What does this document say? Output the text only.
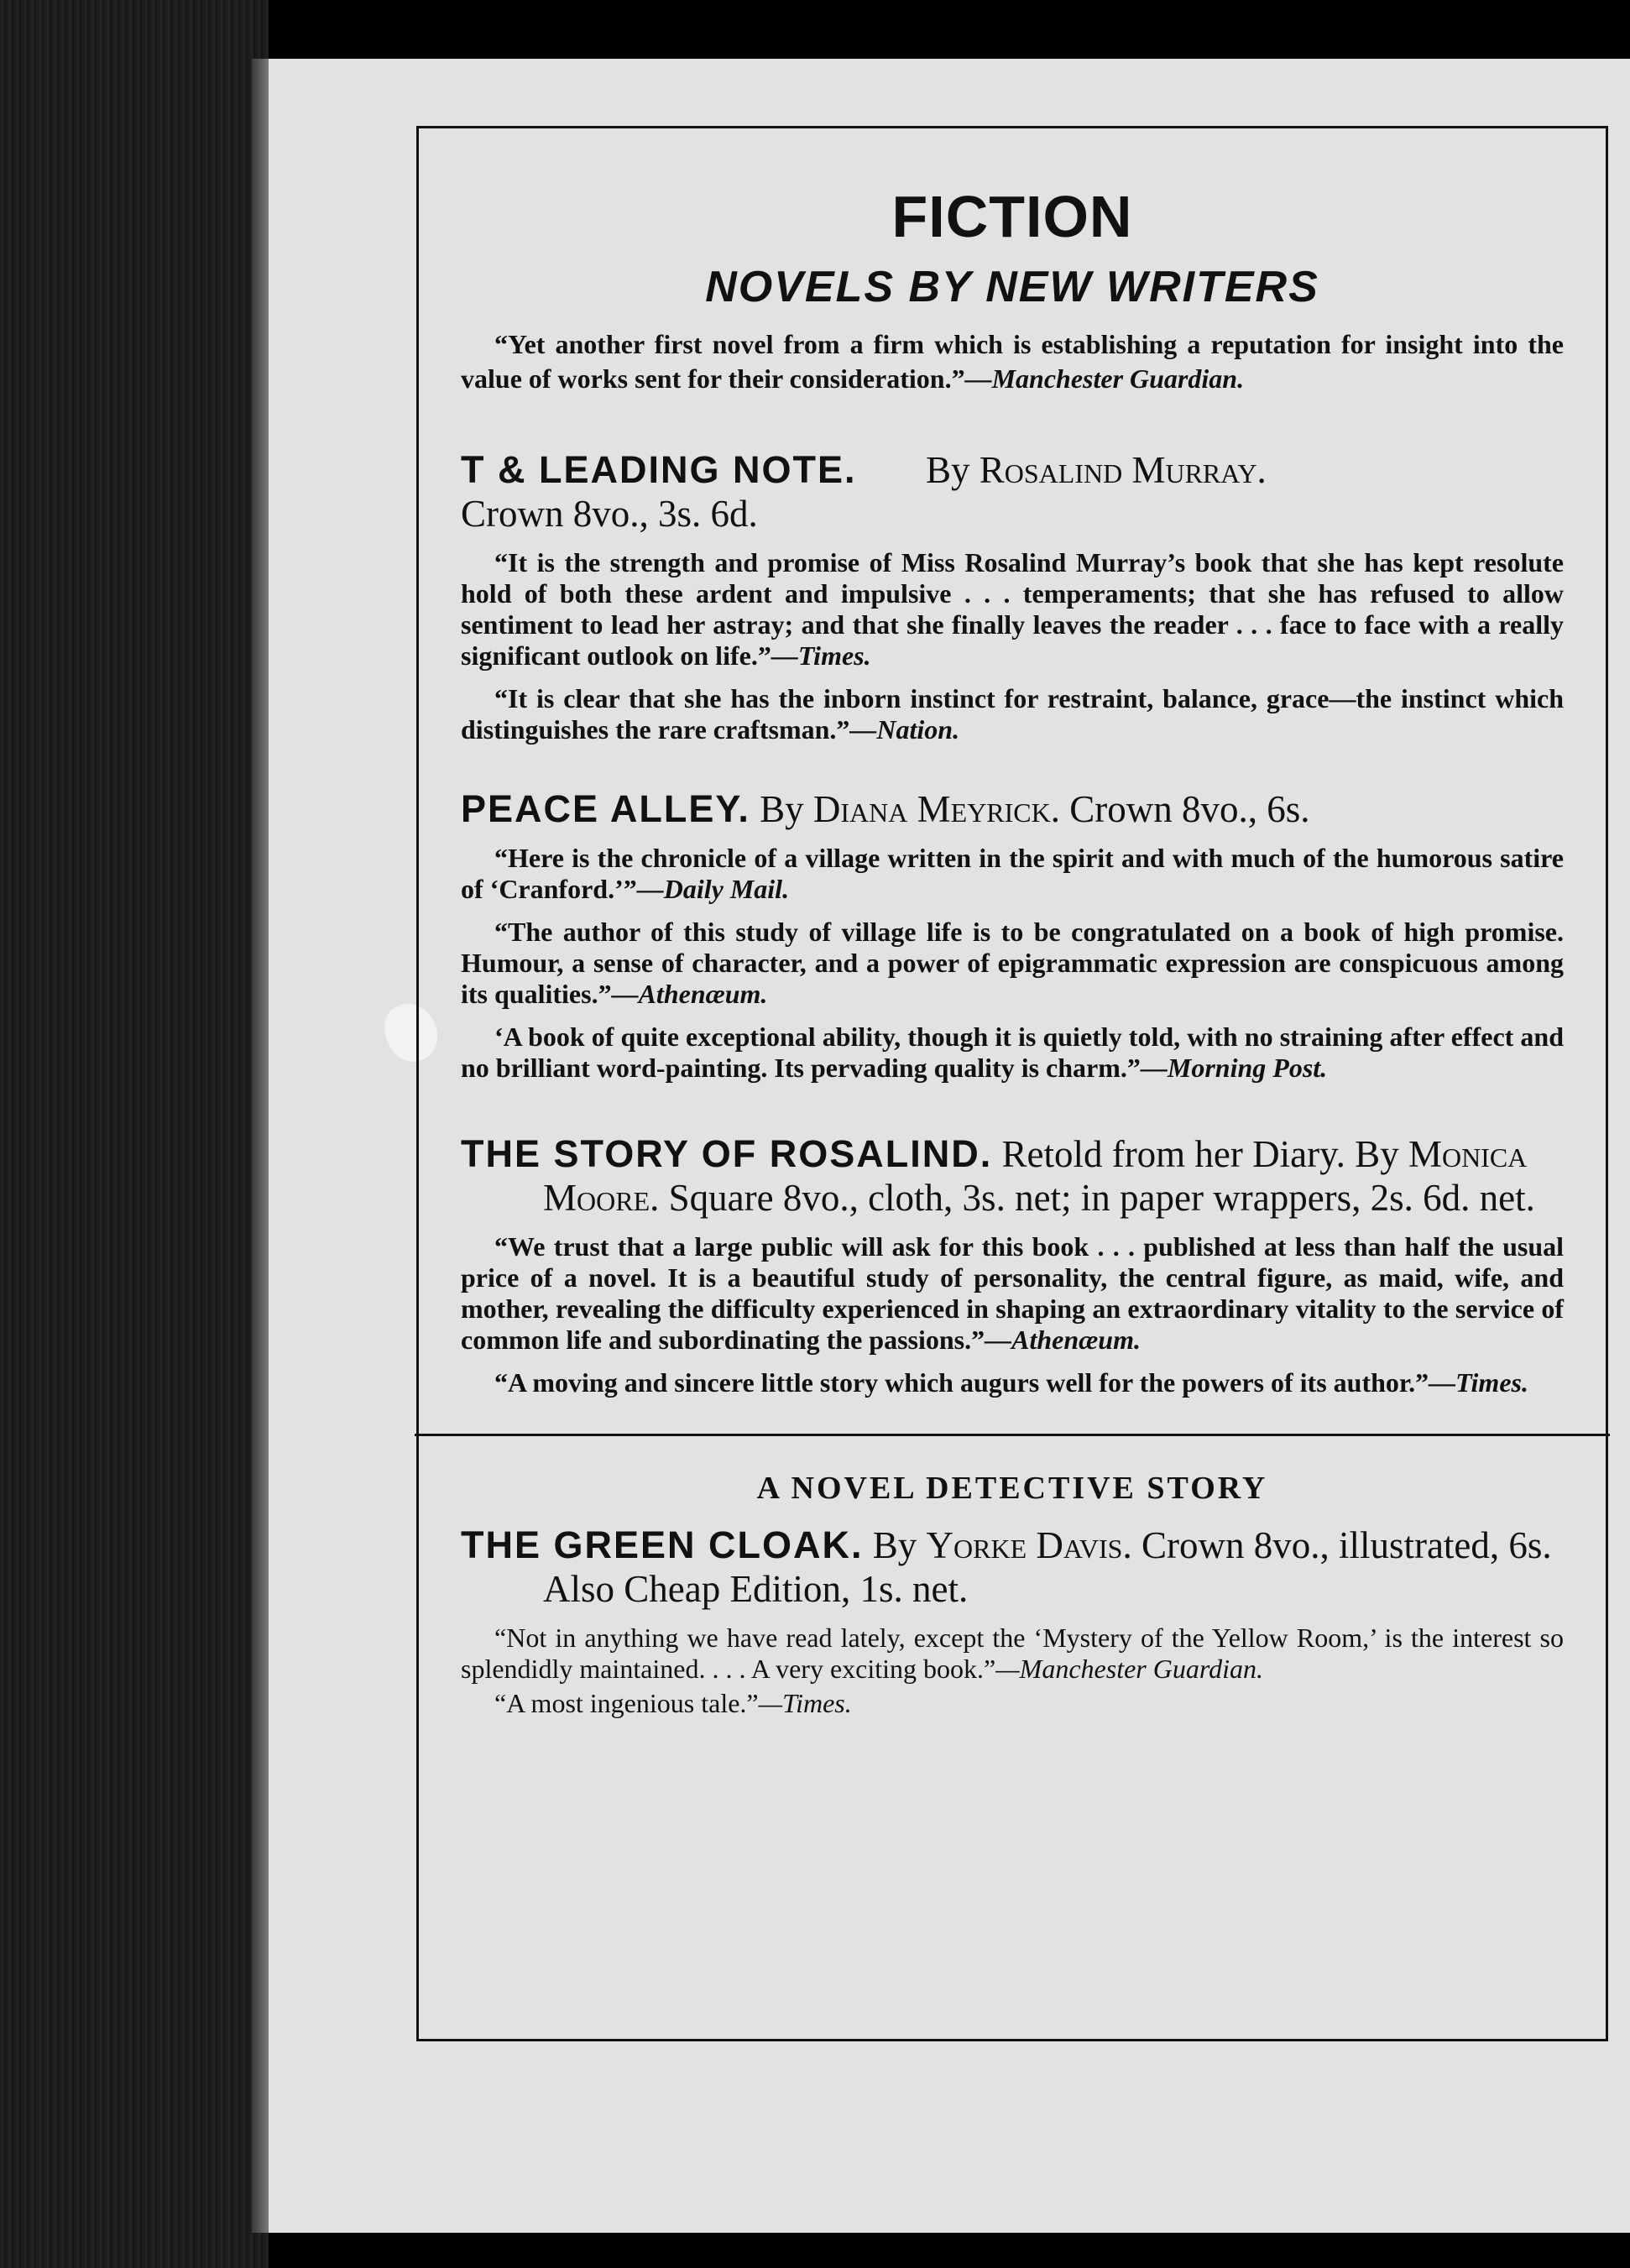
FICTION
NOVELS BY NEW WRITERS
“Yet another first novel from a firm which is establishing a reputation for insight into the value of works sent for their consideration.”—Manchester Guardian.
T & LEADING NOTE. By Rosalind Murray.
Crown 8vo., 3s. 6d.
“It is the strength and promise of Miss Rosalind Murray’s book that she has kept resolute hold of both these ardent and impulsive . . . temperaments; that she has refused to allow sentiment to lead her astray; and that she finally leaves the reader . . . face to face with a really significant outlook on life.”—Times.
“It is clear that she has the inborn instinct for restraint, balance, grace—the instinct which distinguishes the rare craftsman.”—Nation.
PEACE ALLEY. By Diana Meyrick. Crown 8vo., 6s.
“Here is the chronicle of a village written in the spirit and with much of the humorous satire of ‘Cranford.’”—Daily Mail.
“The author of this study of village life is to be congratulated on a book of high promise. Humour, a sense of character, and a power of epigrammatic expression are conspicuous among its qualities.”—Athenæum.
‘A book of quite exceptional ability, though it is quietly told, with no straining after effect and no brilliant word-painting. Its pervading quality is charm.”—Morning Post.
THE STORY OF ROSALIND. Retold from her Diary. By Monica Moore. Square 8vo., cloth, 3s. net; in paper wrappers, 2s. 6d. net.
“We trust that a large public will ask for this book . . . published at less than half the usual price of a novel. It is a beautiful study of personality, the central figure, as maid, wife, and mother, revealing the difficulty experienced in shaping an extraordinary vitality to the service of common life and subordinating the passions.”—Athenæum.
“A moving and sincere little story which augurs well for the powers of its author.”—Times.
A NOVEL DETECTIVE STORY
THE GREEN CLOAK. By Yorke Davis. Crown 8vo., illustrated, 6s. Also Cheap Edition, 1s. net.
“Not in anything we have read lately, except the ‘Mystery of the Yellow Room,’ is the interest so splendidly maintained. . . . A very exciting book.”—Manchester Guardian.
“A most ingenious tale.”—Times.
